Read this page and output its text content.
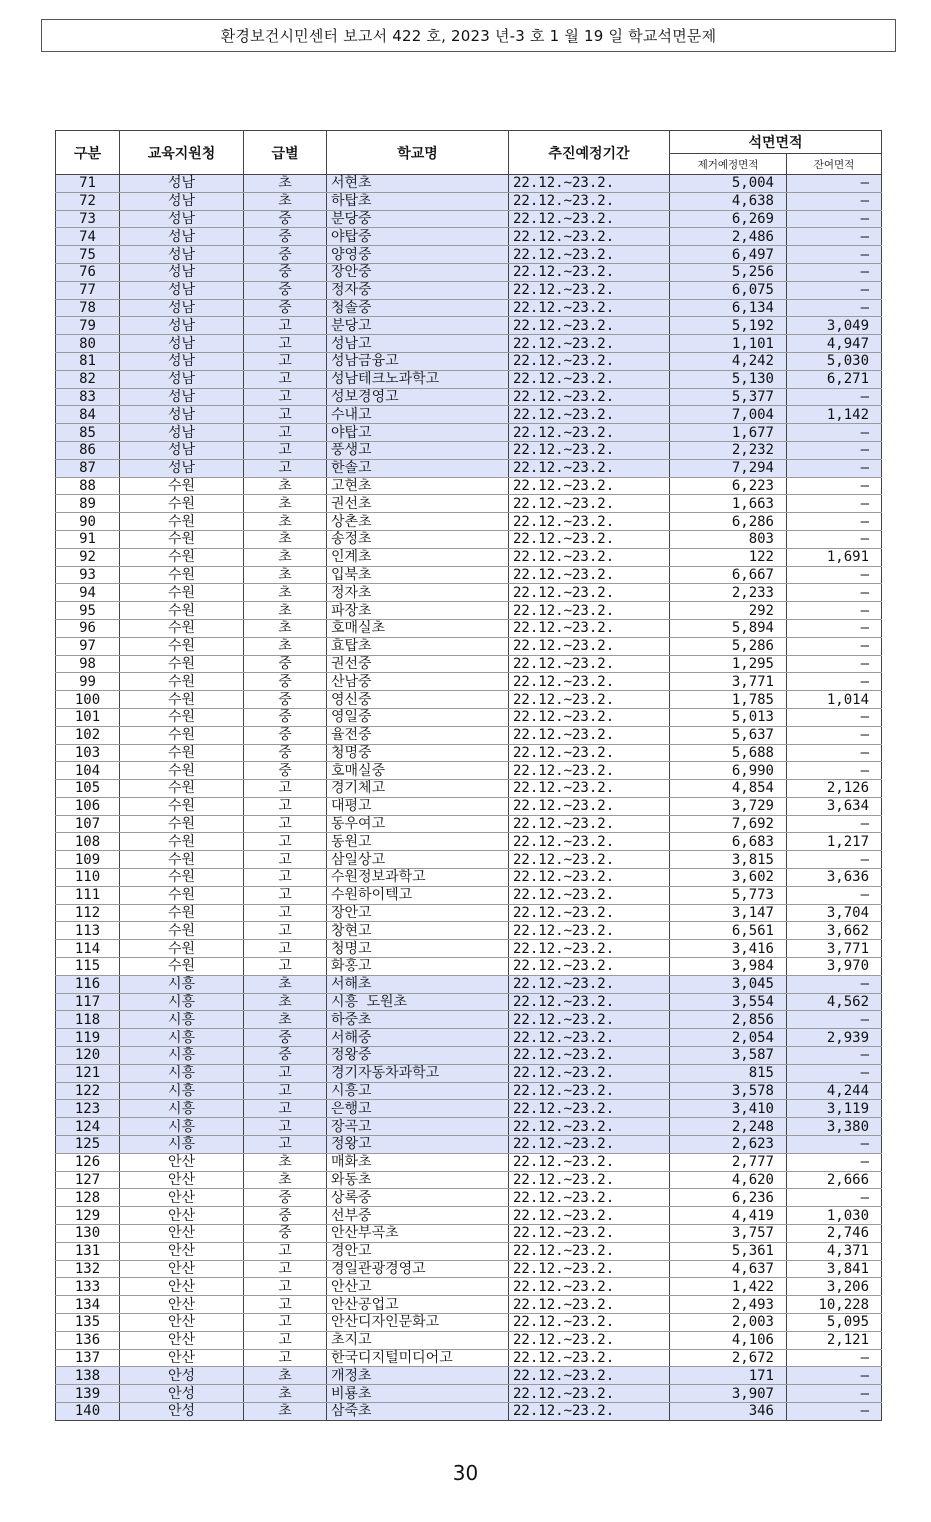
환경보건시민센터 보고서 422 호, 2023 년-3 호 1 월 19 일 학교석면문제
구분	교육지원청	급별	학교명	추진예정기간	석면면적	
					제거예정면적	잔여면적
71	성남	초	서현초	22.12.~23.2.	5,004	–
72	성남	초	하탑초	22.12.~23.2.	4,638	–
73	성남	중	분당중	22.12.~23.2.	6,269	–
74	성남	중	야탑중	22.12.~23.2.	2,486	–
75	성남	중	양영중	22.12.~23.2.	6,497	–
76	성남	중	장안중	22.12.~23.2.	5,256	–
77	성남	중	정자중	22.12.~23.2.	6,075	–
78	성남	중	청솔중	22.12.~23.2.	6,134	–
79	성남	고	분당고	22.12.~23.2.	5,192	3,049
80	성남	고	성남고	22.12.~23.2.	1,101	4,947
81	성남	고	성남금융고	22.12.~23.2.	4,242	5,030
82	성남	고	성남테크노과학고	22.12.~23.2.	5,130	6,271
83	성남	고	성보경영고	22.12.~23.2.	5,377	–
84	성남	고	수내고	22.12.~23.2.	7,004	1,142
85	성남	고	야탑고	22.12.~23.2.	1,677	–
86	성남	고	풍생고	22.12.~23.2.	2,232	–
87	성남	고	한솔고	22.12.~23.2.	7,294	–
88	수원	초	고현초	22.12.~23.2.	6,223	–
89	수원	초	권선초	22.12.~23.2.	1,663	–
90	수원	초	상촌초	22.12.~23.2.	6,286	–
91	수원	초	송정초	22.12.~23.2.	803	–
92	수원	초	인계초	22.12.~23.2.	122	1,691
93	수원	초	입북초	22.12.~23.2.	6,667	–
94	수원	초	정자초	22.12.~23.2.	2,233	–
95	수원	초	파장초	22.12.~23.2.	292	–
96	수원	초	호매실초	22.12.~23.2.	5,894	–
97	수원	초	효탑초	22.12.~23.2.	5,286	–
98	수원	중	권선중	22.12.~23.2.	1,295	–
99	수원	중	산남중	22.12.~23.2.	3,771	–
100	수원	중	영신중	22.12.~23.2.	1,785	1,014
101	수원	중	영일중	22.12.~23.2.	5,013	–
102	수원	중	율전중	22.12.~23.2.	5,637	–
103	수원	중	청명중	22.12.~23.2.	5,688	–
104	수원	중	호매실중	22.12.~23.2.	6,990	–
105	수원	고	경기체고	22.12.~23.2.	4,854	2,126
106	수원	고	대평고	22.12.~23.2.	3,729	3,634
107	수원	고	동우여고	22.12.~23.2.	7,692	–
108	수원	고	동원고	22.12.~23.2.	6,683	1,217
109	수원	고	삼일상고	22.12.~23.2.	3,815	–
110	수원	고	수원정보과학고	22.12.~23.2.	3,602	3,636
111	수원	고	수원하이텍고	22.12.~23.2.	5,773	–
112	수원	고	장안고	22.12.~23.2.	3,147	3,704
113	수원	고	창현고	22.12.~23.2.	6,561	3,662
114	수원	고	청명고	22.12.~23.2.	3,416	3,771
115	수원	고	화홍고	22.12.~23.2.	3,984	3,970
116	시흥	초	서해초	22.12.~23.2.	3,045	–
117	시흥	초	시흥 도원초	22.12.~23.2.	3,554	4,562
118	시흥	초	하중초	22.12.~23.2.	2,856	–
119	시흥	중	서해중	22.12.~23.2.	2,054	2,939
120	시흥	중	정왕중	22.12.~23.2.	3,587	–
121	시흥	고	경기자동차과학고	22.12.~23.2.	815	–
122	시흥	고	시흥고	22.12.~23.2.	3,578	4,244
123	시흥	고	은행고	22.12.~23.2.	3,410	3,119
124	시흥	고	장곡고	22.12.~23.2.	2,248	3,380
125	시흥	고	정왕고	22.12.~23.2.	2,623	–
126	안산	초	매화초	22.12.~23.2.	2,777	–
127	안산	초	와동초	22.12.~23.2.	4,620	2,666
128	안산	중	상록중	22.12.~23.2.	6,236	–
129	안산	중	선부중	22.12.~23.2.	4,419	1,030
130	안산	중	안산부곡초	22.12.~23.2.	3,757	2,746
131	안산	고	경안고	22.12.~23.2.	5,361	4,371
132	안산	고	경일관광경영고	22.12.~23.2.	4,637	3,841
133	안산	고	안산고	22.12.~23.2.	1,422	3,206
134	안산	고	안산공업고	22.12.~23.2.	2,493	10,228
135	안산	고	안산디자인문화고	22.12.~23.2.	2,003	5,095
136	안산	고	초지고	22.12.~23.2.	4,106	2,121
137	안산	고	한국디지털미디어고	22.12.~23.2.	2,672	–
138	안성	초	개정초	22.12.~23.2.	171	–
139	안성	초	비룡초	22.12.~23.2.	3,907	–
140	안성	초	삼죽초	22.12.~23.2.	346	–
30
